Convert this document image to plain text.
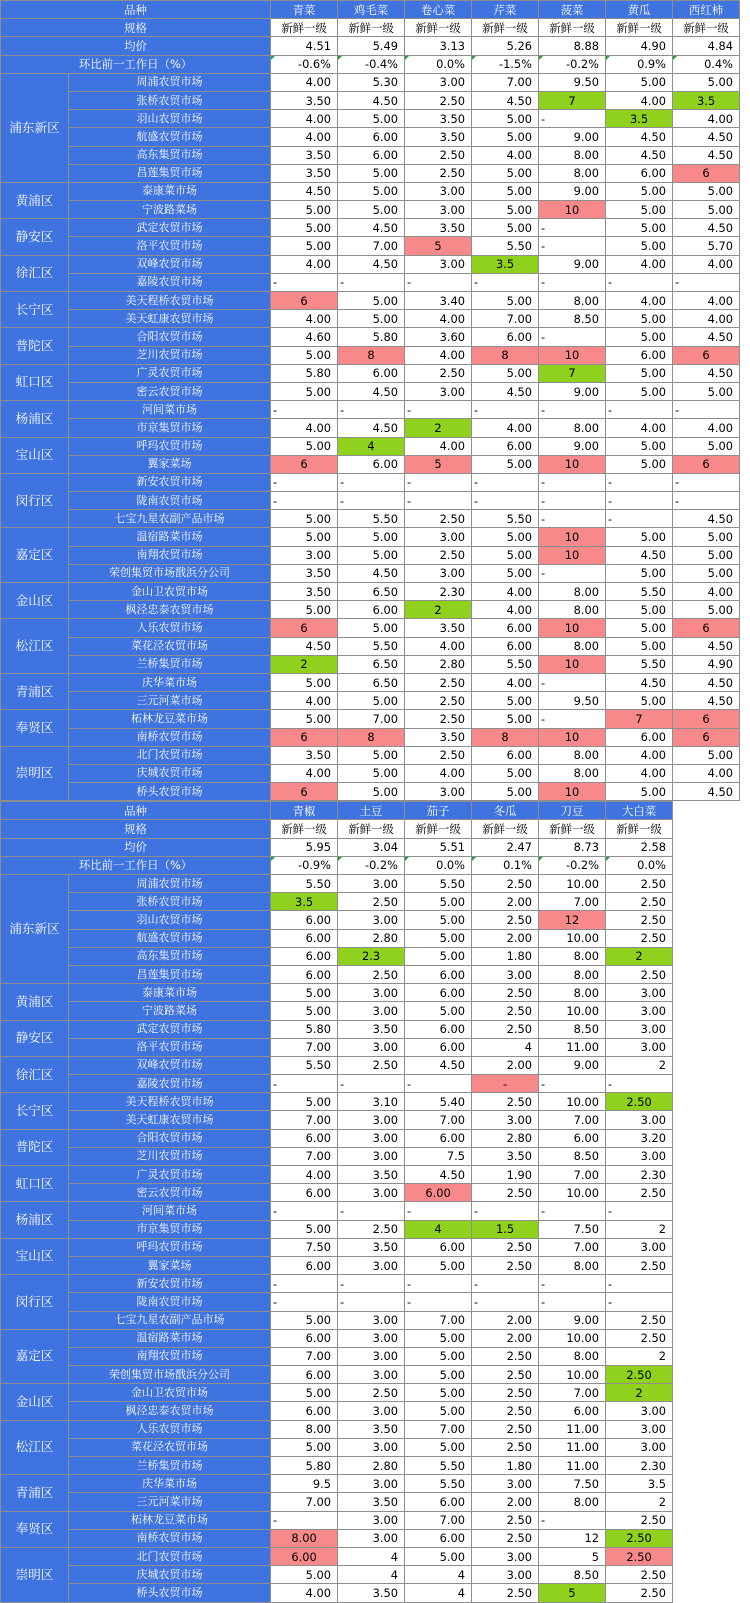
品种		青菜	鸡毛菜	卷心菜	芹菜	菠菜	黄瓜	西红柿
规格		新鲜一级	新鲜一级	新鲜一级	新鲜一级	新鲜一级	新鲜一级	新鲜一级
均价		4.51	5.49	3.13	5.26	8.88	4.90	4.84
环比前一工作日（%）		-0.6%	-0.4%	0.0%	-1.5%	-0.2%	0.9%	0.4%
浦东新区	周浦农贸市场	4.00	5.30	3.00	7.00	9.50	5.00	5.00
	张桥农贸市场	3.50	4.50	2.50	4.50	7	4.00	3.5
	羽山农贸市场	4.00	5.00	3.50	5.00	-	3.5	4.00
	航盛农贸市场	4.00	6.00	3.50	5.00	9.00	4.50	4.50
	高东集贸市场	3.50	6.00	2.50	4.00	8.00	4.50	4.50
	昌莲集贸市场	3.50	5.00	2.50	5.00	8.00	6.00	6
黄浦区	泰康菜市场	4.50	5.00	3.00	5.00	9.00	5.00	5.00
	宁波路菜场	5.00	5.00	3.00	5.00	10	5.00	5.00
静安区	武定农贸市场	5.00	4.50	3.50	5.00	-	5.00	4.50
	洛平农贸市场	5.00	7.00	5	5.50	-	5.00	5.70
徐汇区	双峰农贸市场	4.00	4.50	3.00	3.5	9.00	4.00	4.00
	嘉陵农贸市场	-	-	-	-	-	-	-
长宁区	美天程桥农贸市场	6	5.00	3.40	5.00	8.00	4.00	4.00
	美天虹康农贸市场	4.00	5.00	4.00	7.00	8.50	5.00	4.00
普陀区	合阳农贸市场	4.60	5.80	3.60	6.00	-	5.00	4.50
	芝川农贸市场	5.00	8	4.00	8	10	6.00	6
虹口区	广灵农贸市场	5.80	6.00	2.50	5.00	7	5.00	4.50
	密云农贸市场	5.00	4.50	3.00	4.50	9.00	5.00	5.00
杨浦区	河间菜市场	-	-	-	-	-	-	-
	市京集贸市场	4.00	4.50	2	4.00	8.00	4.00	4.00
宝山区	呼玛农贸市场	5.00	4	4.00	6.00	9.00	5.00	5.00
	翼家菜场	6	6.00	5	5.00	10	5.00	6
闵行区	新安农贸市场	-	-	-	-	-	-	-
	陇南农贸市场	-	-	-	-	-	-	-
	七宝九星农副产品市场	5.00	5.50	2.50	5.50	-	-	4.50
嘉定区	温宿路菜市场	5.00	5.00	3.00	5.00	10	5.00	5.00
	南翔农贸市场	3.00	5.00	2.50	5.00	10	4.50	5.00
	荣创集贸市场戬浜分公司	3.50	4.50	3.00	5.00	-	5.00	5.00
金山区	金山卫农贸市场	3.50	6.50	2.30	4.00	8.00	5.50	4.00
	枫泾忠泰农贸市场	5.00	6.00	2	4.00	8.00	5.00	5.00
松江区	人乐农贸市场	6	5.00	3.50	6.00	10	5.00	6
	菜花泾农贸市场	4.50	5.50	4.00	6.00	8.00	5.00	4.50
	兰桥集贸市场	2	6.50	2.80	5.50	10	5.50	4.90
青浦区	庆华菜市场	5.00	6.50	2.50	4.00	-	4.50	4.50
	三元河菜市场	4.00	5.00	2.50	5.00	9.50	5.00	4.50
奉贤区	柘林龙豆菜市场	5.00	7.00	2.50	5.00	-	7	6
	南桥农贸市场	6	8	3.50	8	10	6.00	6
崇明区	北门农贸市场	3.50	5.00	2.50	6.00	8.00	4.00	5.00
	庆城农贸市场	4.00	5.00	4.00	5.00	8.00	4.00	4.00
	桥头农贸市场	6	5.00	3.00	5.00	10	5.00	4.50
品种		青椒	土豆	茄子	冬瓜	刀豆	大白菜	
规格		新鲜一级	新鲜一级	新鲜一级	新鲜一级	新鲜一级	新鲜一级	
均价		5.95	3.04	5.51	2.47	8.73	2.58	
环比前一工作日（%）		-0.9%	-0.2%	0.0%	0.1%	-0.2%	0.0%	
浦东新区	周浦农贸市场	5.50	3.00	5.50	2.50	10.00	2.50	
	张桥农贸市场	3.5	2.50	5.00	2.00	7.00	2.50	
	羽山农贸市场	6.00	3.00	5.00	2.50	12	2.50	
	航盛农贸市场	6.00	2.80	5.00	2.00	10.00	2.50	
	高东集贸市场	6.00	2.3	5.00	1.80	8.00	2	
	昌莲集贸市场	6.00	2.50	6.00	3.00	8.00	2.50	
黄浦区	泰康菜市场	5.00	3.00	6.00	2.50	8.00	3.00	
	宁波路菜场	5.00	3.00	5.00	2.50	10.00	3.00	
静安区	武定农贸市场	5.80	3.50	6.00	2.50	8.50	3.00	
	洛平农贸市场	7.00	3.00	6.00	4	11.00	3.00	
徐汇区	双峰农贸市场	5.50	2.50	4.50	2.00	9.00	2	
	嘉陵农贸市场	-	-	-	-	-	-	
长宁区	美天程桥农贸市场	5.00	3.10	5.40	2.50	10.00	2.50	
	美天虹康农贸市场	7.00	3.00	7.00	3.00	7.00	3.00	
普陀区	合阳农贸市场	6.00	3.00	6.00	2.80	6.00	3.20	
	芝川农贸市场	7.00	3.00	7.5	3.50	8.50	3.00	
虹口区	广灵农贸市场	4.00	3.50	4.50	1.90	7.00	2.30	
	密云农贸市场	6.00	3.00	6.00	2.50	10.00	2.50	
杨浦区	河间菜市场	-	-	-	-	-	-	
	市京集贸市场	5.00	2.50	4	1.5	7.50	2	
宝山区	呼玛农贸市场	7.50	3.50	6.00	2.50	7.00	3.00	
	翼家菜场	6.00	3.00	5.00	2.50	8.00	2.50	
闵行区	新安农贸市场	-	-	-	-	-	-	
	陇南农贸市场	-	-	-	-	-	-	
	七宝九星农副产品市场	5.00	3.00	7.00	2.00	9.00	2.50	
嘉定区	温宿路菜市场	6.00	3.00	5.00	2.00	10.00	2.50	
	南翔农贸市场	7.00	3.00	5.00	2.50	8.00	2	
	荣创集贸市场戬浜分公司	6.00	3.00	5.00	2.50	10.00	2.50	
金山区	金山卫农贸市场	5.00	2.50	5.00	2.50	7.00	2	
	枫泾忠泰农贸市场	6.00	3.00	5.00	2.50	6.00	3.00	
松江区	人乐农贸市场	8.00	3.50	7.00	2.50	11.00	3.00	
	菜花泾农贸市场	5.00	3.00	5.00	2.50	11.00	3.00	
	兰桥集贸市场	5.80	2.80	5.50	1.80	11.00	2.30	
青浦区	庆华菜市场	9.5	3.00	5.50	3.00	7.50	3.5	
	三元河菜市场	7.00	3.50	6.00	2.00	8.00	2	
奉贤区	柘林龙豆菜市场	-	3.00	7.00	2.50	-	2.50	
	南桥农贸市场	8.00	3.00	6.00	2.50	12	2.50	
崇明区	北门农贸市场	6.00	4	5.00	3.00	5	2.50	
	庆城农贸市场	5.00	4	4	3.00	8.50	2.50	
	桥头农贸市场	4.00	3.50	4	2.50	5	2.50	
